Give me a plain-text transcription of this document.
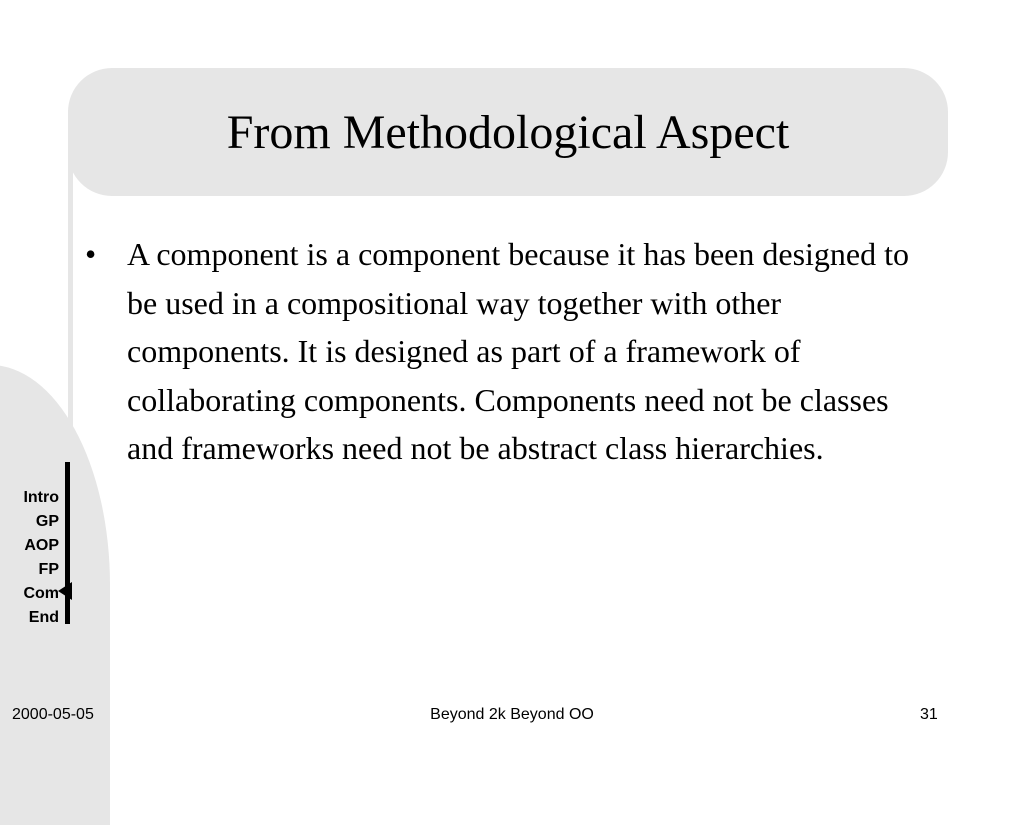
From Methodological Aspect
• A component is a component because it has been designed to be used in a compositional way together with other components. It is designed as part of a framework of collaborating components. Components need not be classes and frameworks need not be abstract class hierarchies.
Intro
GP
AOP
FP
Com
End
2000-05-05	Beyond 2k Beyond OO	31
